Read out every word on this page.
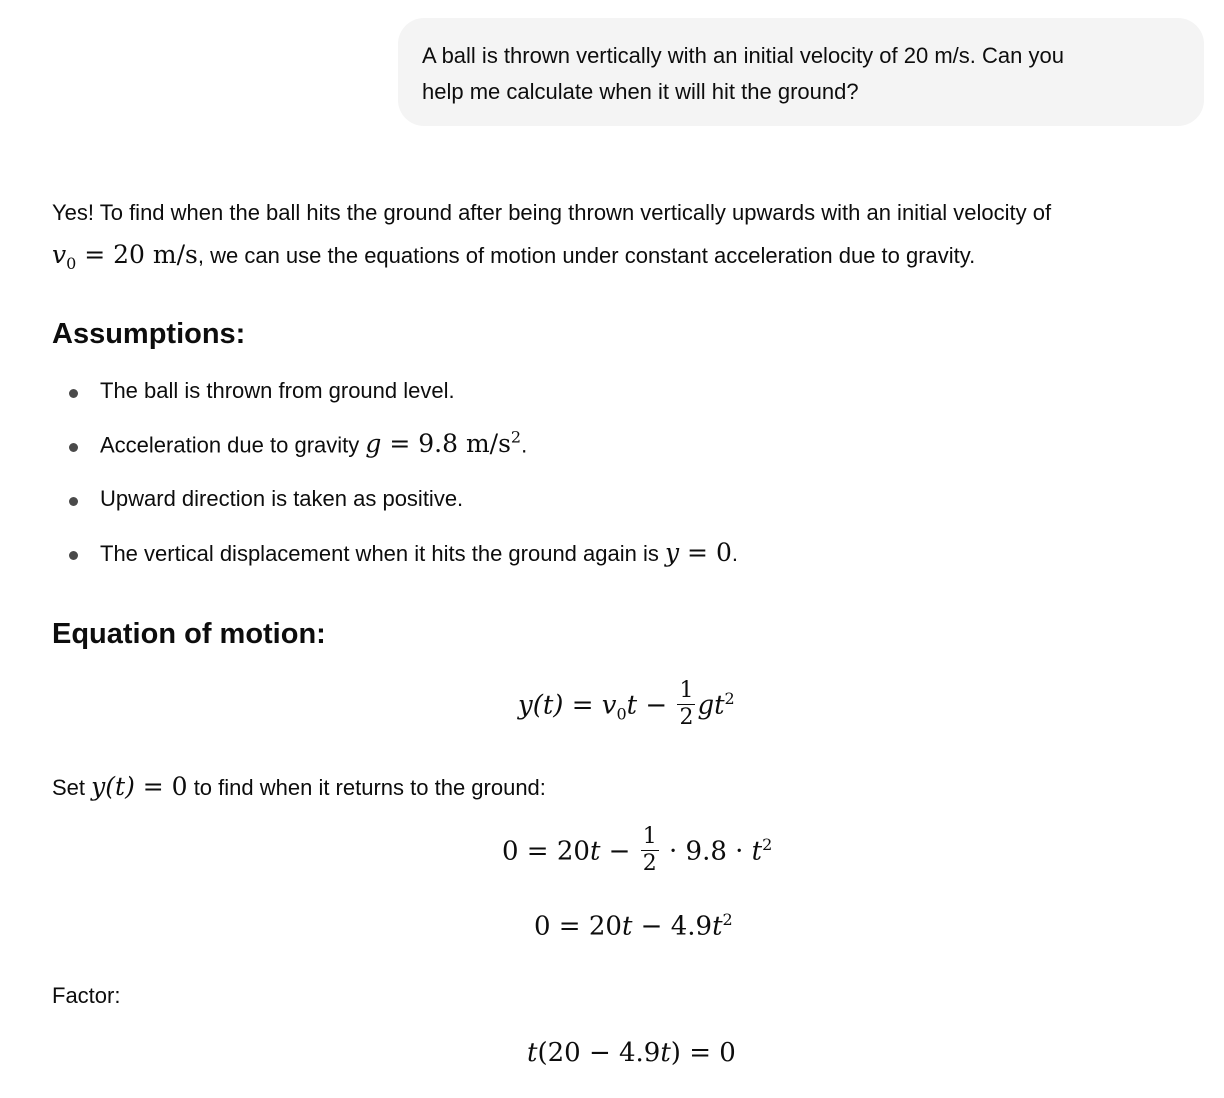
A ball is thrown vertically with an initial velocity of 20 m/s. Can you
help me calculate when it will hit the ground?
Yes! To find when the ball hits the ground after being thrown vertically upwards with an initial velocity of
$v_0 = 20$ m/s, we can use the equations of motion under constant acceleration due to gravity.
Assumptions:
The ball is thrown from ground level.
Acceleration due to gravity g = 9.8 $m/s^2$.
Upward direction is taken as positive.
The vertical displacement when it hits the ground again is y = 0.
Equation of motion:
$y(t) = v_0t - \frac{1}{2} gt^2$
Set y(t) = 0 to find when it returns to the ground:
$0 = 20t - \frac{1}{2} \cdot 9.8 \cdot t^2$
$0 = 20t - 4.9t^2$
Factor:
t(20 − 4.9t) = 0
